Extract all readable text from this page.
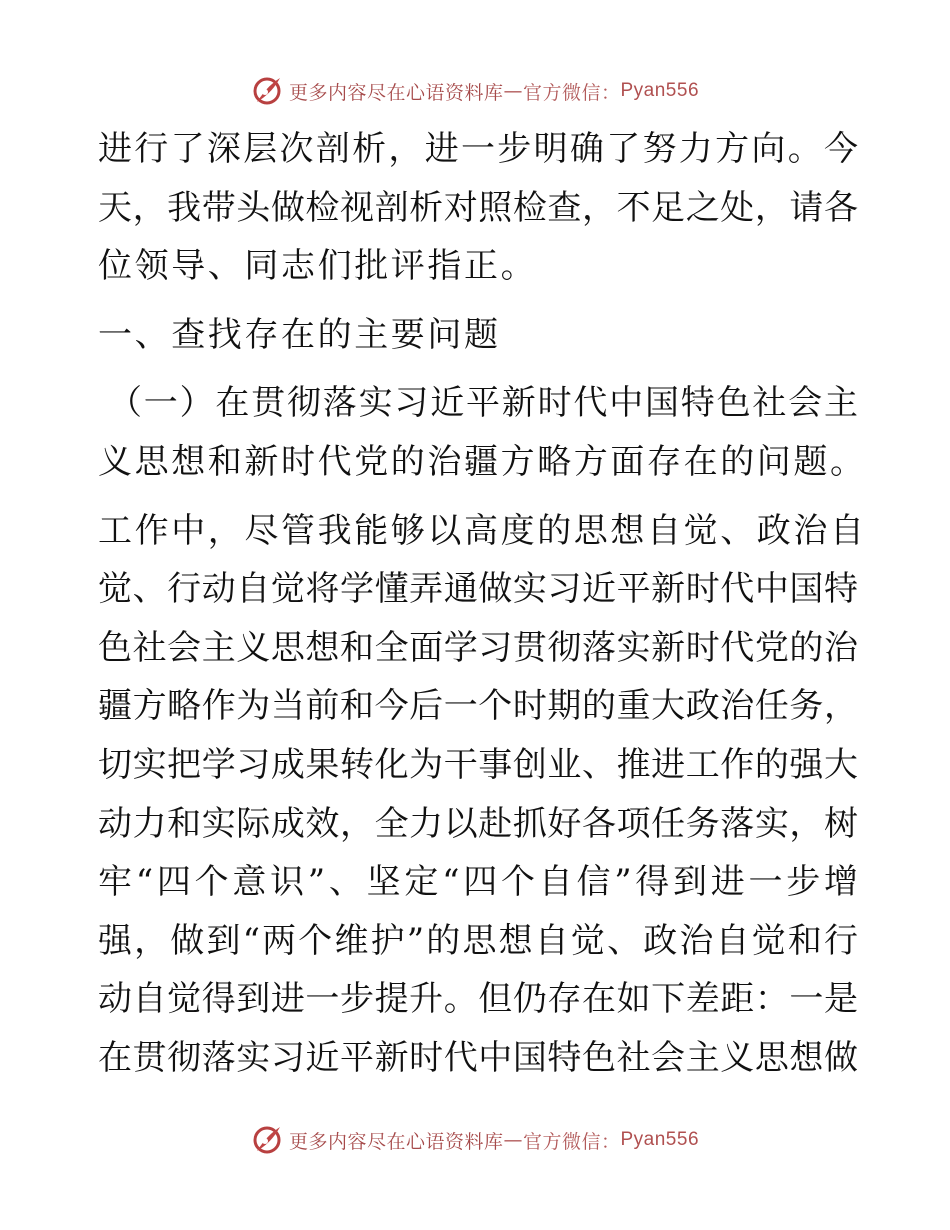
更多内容尽在心语资料库 — 官方微信： Pyan556
进行了深层次剖析，进一步明确了努力方向。今
天，我带头做检视剖析对照检查，不足之处，请各
位领导、同志们批评指正。
一、查找存在的主要问题
（一）在贯彻落实习近平新时代中国特色社会主
义思想和新时代党的治疆方略方面存在的问题。
工作中，尽管我能够以高度的思想自觉、政治自
觉、行动自觉将学懂弄通做实习近平新时代中国特
色社会主义思想和全面学习贯彻落实新时代党的治
疆方略作为当前和今后一个时期的重大政治任务，
切实把学习成果转化为干事创业、推进工作的强大
动力和实际成效，全力以赴抓好各项任务落实，树
牢“四个意识”、坚定“四个自信”得到进一步增
强，做到“两个维护”的思想自觉、政治自觉和行
动自觉得到进一步提升。但仍存在如下差距：一是
在贯彻落实习近平新时代中国特色社会主义思想做
更多内容尽在心语资料库 — 官方微信： Pyan556
